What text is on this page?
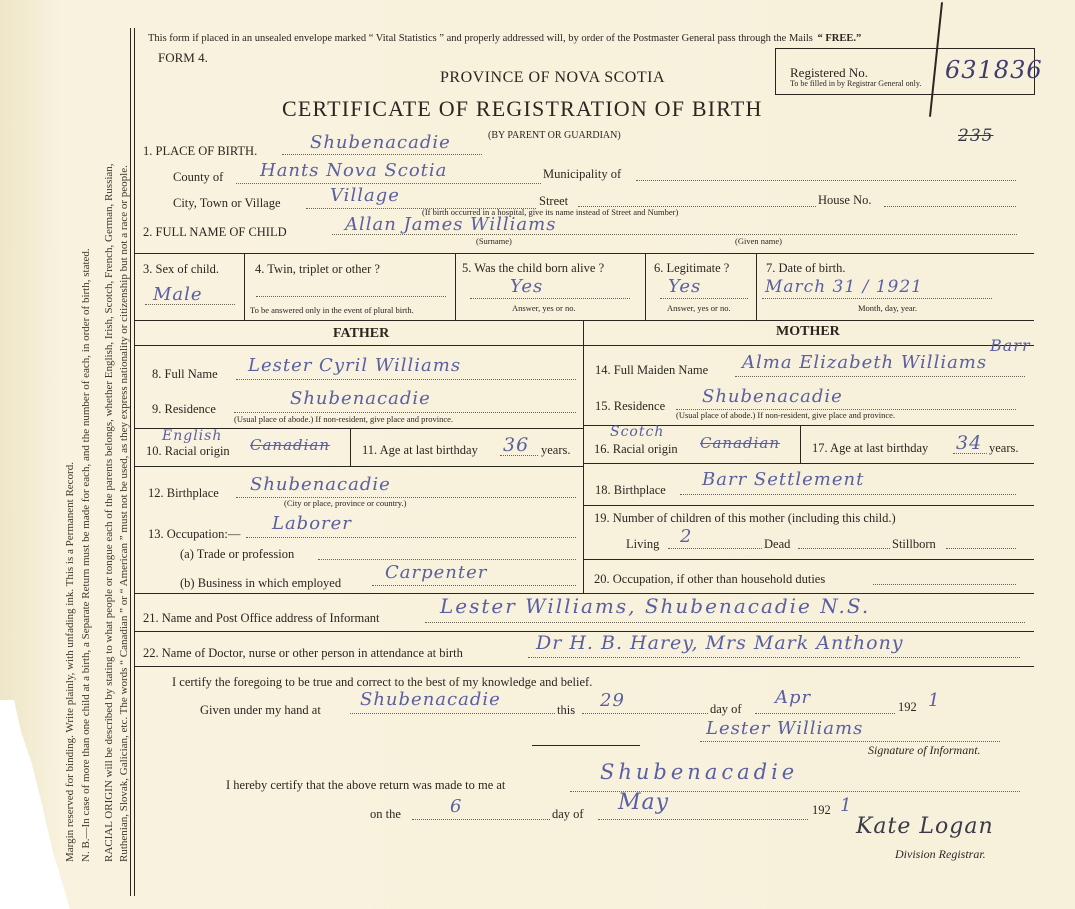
Margin reserved for binding. Write plainly, with unfading ink. This is a Permanent Record. N. B.—In case of more than one child at a birth, a Separate Return must be made for each, and the number of each, in order of birth, stated. RACIAL ORIGIN will be described by stating to what people or tongue each of the parents belongs, whether English, Irish, Scotch, French, German, Russian, Ruthenian, Slovak, Galician, etc. The words “ Canadian ” or “ American ” must not be used, as they express nationality or citizenship but not a race or people.
This form if placed in an unsealed envelope marked “ Vital Statistics ” and properly addressed will, by order of the Postmaster General pass through the Mails “ FREE.”
FORM 4.
PROVINCE OF NOVA SCOTIA
CERTIFICATE OF REGISTRATION OF BIRTH
(BY PARENT OR GUARDIAN)
Registered No.	631836
To be filled in by Registrar General only.
235
1. PLACE OF BIRTH.	Shubenacadie
County of Hants Nova Scotia	Municipality of
City, Town or Village	Village	Street	House No.
(If birth occurred in a hospital, give its name instead of Street and Number)
2. FULL NAME OF CHILD	Allan James Williams
(Surname)	(Given name)
3. Sex of child.
Male
4. Twin, triplet or other ?
To be answered only in the event of plural birth.
5. Was the child born alive ?
Yes
Answer, yes or no.
6. Legitimate ?
Yes
Answer, yes or no.
7. Date of birth.
March 31 / 1921
Month, day, year.
FATHER	MOTHER
8. Full Name Lester Cyril Williams
9. Residence	Shubenacadie
(Usual place of abode.) If non-resident, give place and province.
10. Racial origin
English Canadian	11. Age at last birthday 36 years.
12. Birthplace Shubenacadie
(City or place, province or country.)
13. Occupation:— Laborer
(a) Trade or profession
(b) Business in which employed Carpenter
14. Full Maiden Name Alma Elizabeth Williams
Barr
15. Residence Shubenacadie
(Usual place of abode.) If non-resident, give place and province.
16. Racial origin
Scotch
Canadian	17. Age at last birthday 34 years.
18. Birthplace Barr Settlement
19. Number of children of this mother (including this child.)
Living 2	Dead	Stillborn
20. Occupation, if other than household duties
21. Name and Post Office address of Informant	Lester Williams, Shubenacadie N.S.
22. Name of Doctor, nurse or other person in attendance at birth	Dr H. B. Harey, Mrs Mark Anthony
I certify the foregoing to be true and correct to the best of my knowledge and belief.
Given under my hand at Shubenacadie	this 29	day of
Apr	192 1
Lester Williams
Signature of Informant.
I hereby certify that the above return was made to me at
Shubenacadie
on the	6	day of May	192 1
Kate Logan
Division Registrar.
